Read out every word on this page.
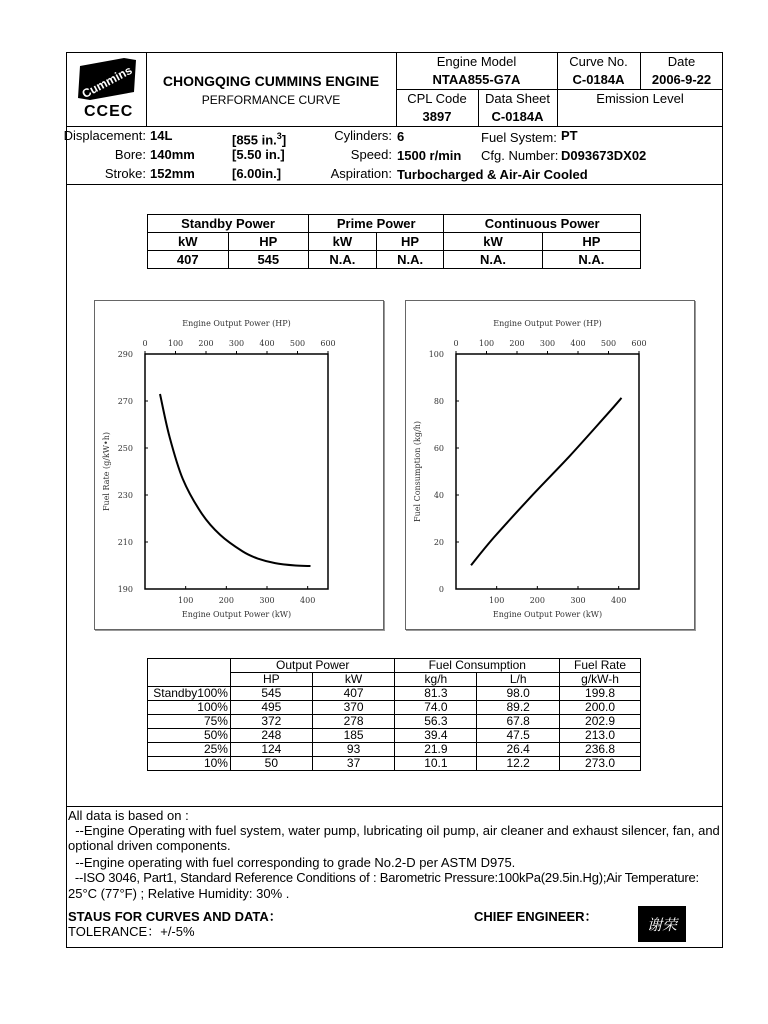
Cummins
CCEC
CHONGQING CUMMINS ENGINE
PERFORMANCE CURVE
Engine Model
NTAA855-G7A
Curve No.
C-0184A
Date
2006-9-22
CPL Code
3897
Data Sheet
C-0184A
Emission Level
Displacement: 14L	[855 in.$^3$]
Bore: 140mm	[5.50 in.]
Stroke: 152mm	[6.00in.]
Cylinders: 6
Speed: 1500 r/min
Aspiration: Turbocharged & Air-Air Cooled
Fuel System: PT
Cfg. Number: D093673DX02
Standby Power		Prime Power		Continuous Power	
kW	HP	kW	HP	kW	HP
407	545	N.A.	N.A.	N.A.	N.A.
Engine Output Power (HP)
0	100 200 300 400 500 600
100	200	300	400
Engine Output Power (kW)
190
210
230
250
270
290
Fuel Rate (g/kW•h)
Engine Output Power (HP)
0	100 200 300 400 500 600
100	200	300	400
Engine Output Power (kW)
0
20
40
60
80
100
Fuel Consumption (kg/h)
	Output Power		Fuel Consumption		Fuel Rate
	HP	kW	kg/h	L/h	g/kW-h
Standby100%	545	407	81.3	98.0	199.8
100%	495	370	74.0	89.2	200.0
75%	372	278	56.3	67.8	202.9
50%	248	185	39.4	47.5	213.0
25%	124	93	21.9	26.4	236.8
10%	50	37	10.1	12.2	273.0
All data is based on :
--Engine Operating with fuel system, water pump, lubricating oil pump, air cleaner and exhaust silencer, fan, and
optional driven components.
--Engine operating with fuel corresponding to grade No.2-D per ASTM D975.
--ISO 3046, Part1, Standard Reference Conditions of : Barometric Pressure:100kPa(29.5in.Hg);Air Temperature:
25°C (77°F) ; Relative Humidity: 30% .
STAUS FOR CURVES AND DATA：
TOLERANCE：+/-5%
CHIEF ENGINEER：	谢荣
